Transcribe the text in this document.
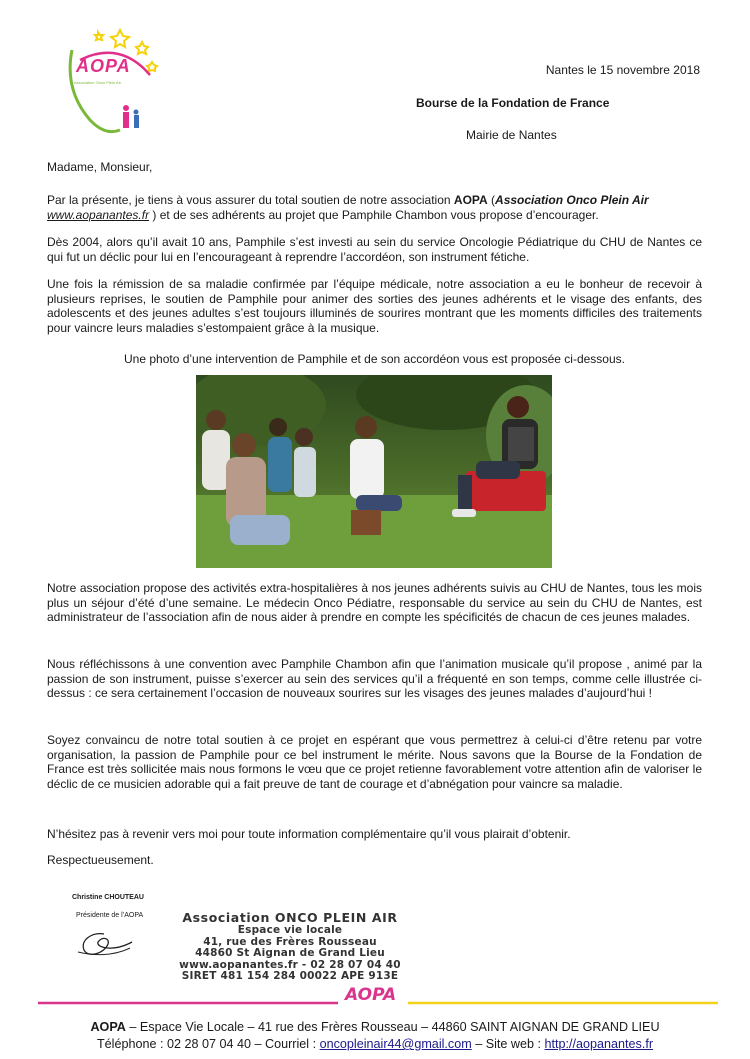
AOPA
Association Onco Plein Air
Nantes le 15 novembre 2018
Bourse de la Fondation de France
Mairie de Nantes
Madame, Monsieur,
Par la présente, je tiens à vous assurer du total soutien de notre association AOPA (Association Onco Plein Air
www.aopanantes.fr ) et de ses adhérents au projet que Pamphile Chambon vous propose d’encourager.
Dès 2004, alors qu’il avait 10 ans, Pamphile s’est investi au sein du service Oncologie Pédiatrique du CHU de Nantes ce qui fut un déclic pour lui en l’encourageant à reprendre l’accordéon, son instrument fétiche.
Une fois la rémission de sa maladie confirmée par l’équipe médicale, notre association a eu le bonheur de recevoir à plusieurs reprises, le soutien de Pamphile pour animer des sorties des jeunes adhérents et le visage des enfants, des adolescents et des jeunes adultes s’est toujours illuminés de sourires montrant que les moments difficiles des traitements pour vaincre leurs maladies s’estompaient grâce à la musique.
Une photo d’une intervention de Pamphile et de son accordéon vous est proposée ci-dessous.
Notre association propose des activités extra-hospitalières à nos jeunes adhérents suivis au CHU de Nantes, tous les mois plus un séjour d’été d’une semaine. Le médecin Onco Pédiatre, responsable du service au sein du CHU de Nantes, est administrateur de l’association afin de nous aider à prendre en compte les spécificités de chacun de ces jeunes malades.
Nous réfléchissons à une convention avec Pamphile Chambon afin que l’animation musicale qu’il propose , animé par la passion de son instrument, puisse s’exercer au sein des services qu’il a fréquenté en son temps, comme celle illustrée ci-dessus : ce sera certainement l’occasion de nouveaux sourires sur les visages des jeunes malades d’aujourd’hui !
Soyez convaincu de notre total soutien à ce projet en espérant que vous permettrez à celui-ci d’être retenu par votre organisation, la passion de Pamphile pour ce bel instrument le mérite. Nous savons que la Bourse de la Fondation de France est très sollicitée mais nous formons le vœu que ce projet retienne favorablement votre attention afin de valoriser le déclic de ce musicien adorable qui a fait preuve de tant de courage et d’abnégation pour vaincre sa maladie.
N’hésitez pas à revenir vers moi pour toute information complémentaire qu’il vous plairait d’obtenir.
Respectueusement.
Christine CHOUTEAU
Présidente de l’AOPA	Association ONCO PLEIN AIR
Espace vie locale
41, rue des Frères Rousseau
44860 St Aignan de Grand Lieu
www.aopanantes.fr - 02 28 07 04 40
SIRET 481 154 284 00022 APE 913E
AOPA
AOPA – Espace Vie Locale – 41 rue des Frères Rousseau – 44860 SAINT AIGNAN DE GRAND LIEU
Téléphone : 02 28 07 04 40 – Courriel : oncopleinair44@gmail.com – Site web : http://aopanantes.fr
